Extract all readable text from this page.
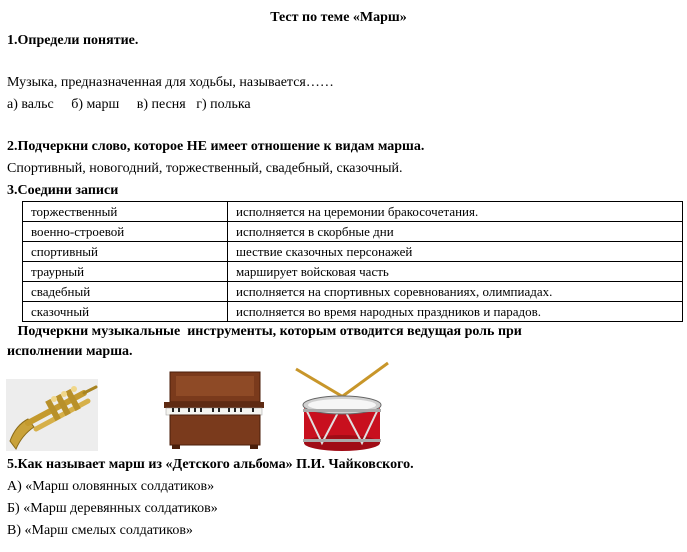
Тест по теме «Марш»
1.Определи понятие.
Музыка, предназначенная для ходьбы, называется……
а) вальс     б) марш     в) песня   г) полька
2.Подчеркни слово, которое НЕ имеет отношение к видам марша.
Спортивный, новогодний, торжественный, свадебный, сказочный.
3.Соедини записи
торжественный	исполняется на церемонии бракосочетания.
военно-строевой	исполняется в скорбные дни
спортивный	шествие сказочных персонажей
траурный	марширует войсковая часть
свадебный	исполняется на спортивных соревнованиях, олимпиадах.
сказочный	исполняется во время народных праздников и парадов.
Подчеркни музыкальные  инструменты, которым отводится ведущая роль при
исполнении марша.
5.Как называет марш из «Детского альбома» П.И. Чайковского.
А) «Марш оловянных солдатиков»
Б) «Марш деревянных солдатиков»
В) «Марш смелых солдатиков»
